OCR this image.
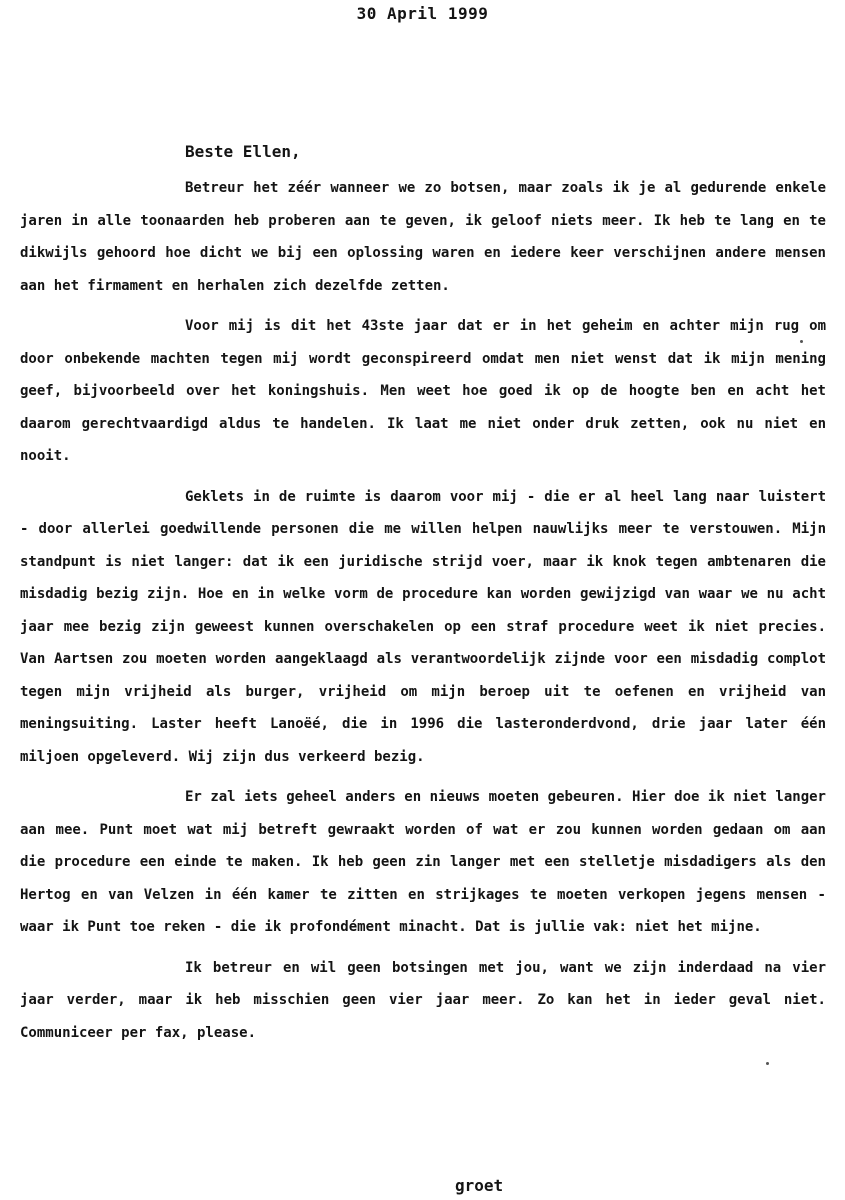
30 April 1999
Beste Ellen,

Betreur het zéér wanneer we zo botsen, maar zoals ik je al gedurende enkele jaren in alle toonaarden heb proberen aan te geven, ik geloof niets meer. Ik heb te lang en te dikwijls gehoord hoe dicht we bij een oplossing waren en iedere keer verschijnen andere mensen aan het firmament en herhalen zich dezelfde zetten.

Voor mij is dit het 43ste jaar dat er in het geheim en achter mijn rug om door onbekende machten tegen mij wordt geconspireerd omdat men niet wenst dat ik mijn mening geef, bijvoorbeeld over het koningshuis. Men weet hoe goed ik op de hoogte ben en acht het daarom gerechtvaardigd aldus te handelen. Ik laat me niet onder druk zetten, ook nu niet en nooit.

Geklets in de ruimte is daarom voor mij - die er al heel lang naar luistert - door allerlei goedwillende personen die me willen helpen nauwlijks meer te verstouwen. Mijn standpunt is niet langer: dat ik een juridische strijd voer, maar ik knok tegen ambtenaren die misdadig bezig zijn. Hoe en in welke vorm de procedure kan worden gewijzigd van waar we nu acht jaar mee bezig zijn geweest kunnen overschakelen op een straf procedure weet ik niet precies. Van Aartsen zou moeten worden aangeklaagd als verantwoordelijk zijnde voor een misdadig complot tegen mijn vrijheid als burger, vrijheid om mijn beroep uit te oefenen en vrijheid van meningsuiting. Laster heeft Lanoëé, die in 1996 die lasteronderdvond, drie jaar later één miljoen opgeleverd. Wij zijn dus verkeerd bezig.

Er zal iets geheel anders en nieuws moeten gebeuren. Hier doe ik niet langer aan mee. Punt moet wat mij betreft gewraakt worden of wat er zou kunnen worden gedaan om aan die procedure een einde te maken. Ik heb geen zin langer met een stelletje misdadigers als den Hertog en van Velzen in één kamer te zitten en strijkages te moeten verkopen jegens mensen - waar ik Punt toe reken - die ik profondément minacht. Dat is jullie vak: niet het mijne.

Ik betreur en wil geen botsingen met jou, want we zijn inderdaad na vier jaar verder, maar ik heb misschien geen vier jaar meer. Zo kan het in ieder geval niet. Communiceer per fax, please.

groet
